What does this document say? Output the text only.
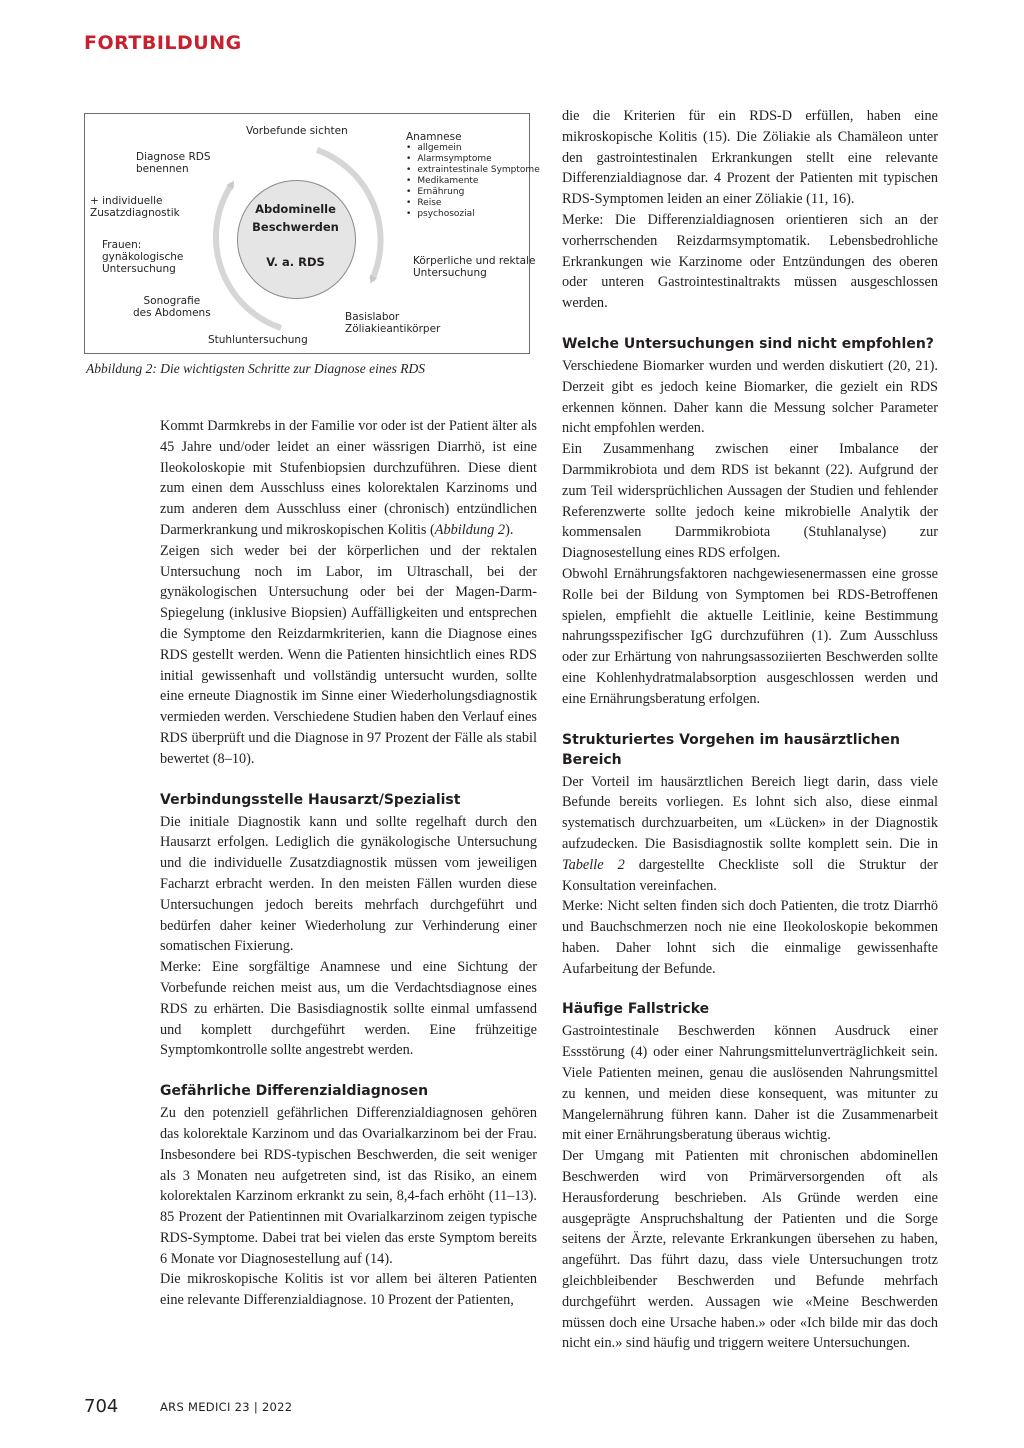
FORTBILDUNG
Abdominelle
Beschwerden
V. a. RDS
Vorbefunde sichten
Diagnose RDS
benennen
+ individuelle
Zusatzdiagnostik
Frauen:
gynäkologische
Untersuchung
Sonografie
des Abdomens
Stuhluntersuchung
Basislabor
Zöliakieantikörper
Körperliche und rektale
Untersuchung
Anamnese
• allgemein
• Alarmsymptome
• extraintestinale Symptome
• Medikamente
• Ernährung
• Reise
• psychosozial

Abbildung 2: Die wichtigsten Schritte zur Diagnose eines RDS

Kommt Darmkrebs in der Familie vor oder ist der Patient älter als 45 Jahre und/oder leidet an einer wässrigen Diarrhö, ist eine Ileokoloskopie mit Stufenbiopsien durchzuführen. Diese dient zum einen dem Ausschluss eines kolorektalen Karzinoms und zum anderen dem Ausschluss einer (chronisch) entzündlichen Darmerkrankung und mikroskopischen Kolitis (Abbildung 2).

Zeigen sich weder bei der körperlichen und der rektalen Untersuchung noch im Labor, im Ultraschall, bei der gynäkologischen Untersuchung oder bei der Magen-Darm-Spiegelung (inklusive Biopsien) Auffälligkeiten und entsprechen die Symptome den Reizdarmkriterien, kann die Diagnose eines RDS gestellt werden. Wenn die Patienten hinsichtlich eines RDS initial gewissenhaft und vollständig untersucht wurden, sollte eine erneute Diagnostik im Sinne einer Wiederholungsdiagnostik vermieden werden. Verschiedene Studien haben den Verlauf eines RDS überprüft und die Diagnose in 97 Prozent der Fälle als stabil bewertet (8–10).

Verbindungsstelle Hausarzt/Spezialist

Die initiale Diagnostik kann und sollte regelhaft durch den Hausarzt erfolgen. Lediglich die gynäkologische Untersuchung und die individuelle Zusatzdiagnostik müssen vom jeweiligen Facharzt erbracht werden. In den meisten Fällen wurden diese Untersuchungen jedoch bereits mehrfach durchgeführt und bedürfen daher keiner Wiederholung zur Verhinderung einer somatischen Fixierung.

Merke: Eine sorgfältige Anamnese und eine Sichtung der Vorbefunde reichen meist aus, um die Verdachtsdiagnose eines RDS zu erhärten. Die Basisdiagnostik sollte einmal umfassend und komplett durchgeführt werden. Eine frühzeitige Symptomkontrolle sollte angestrebt werden.

Gefährliche Differenzialdiagnosen

Zu den potenziell gefährlichen Differenzialdiagnosen gehören das kolorektale Karzinom und das Ovarialkarzinom bei der Frau. Insbesondere bei RDS-typischen Beschwerden, die seit weniger als 3 Monaten neu aufgetreten sind, ist das Risiko, an einem kolorektalen Karzinom erkrankt zu sein, 8,4-fach erhöht (11–13). 85 Prozent der Patientinnen mit Ovarialkarzinom zeigen typische RDS-Symptome. Dabei trat bei vielen das erste Symptom bereits 6 Monate vor Diagnosestellung auf (14).

Die mikroskopische Kolitis ist vor allem bei älteren Patienten eine relevante Differenzialdiagnose. 10 Prozent der Patienten,

die die Kriterien für ein RDS-D erfüllen, haben eine mikroskopische Kolitis (15). Die Zöliakie als Chamäleon unter den gastrointestinalen Erkrankungen stellt eine relevante Differenzialdiagnose dar. 4 Prozent der Patienten mit typischen RDS-Symptomen leiden an einer Zöliakie (11, 16).

Merke: Die Differenzialdiagnosen orientieren sich an der vorherrschenden Reizdarmsymptomatik. Lebensbedrohliche Erkrankungen wie Karzinome oder Entzündungen des oberen oder unteren Gastrointestinaltrakts müssen ausgeschlossen werden.

Welche Untersuchungen sind nicht empfohlen?

Verschiedene Biomarker wurden und werden diskutiert (20, 21). Derzeit gibt es jedoch keine Biomarker, die gezielt ein RDS erkennen können. Daher kann die Messung solcher Parameter nicht empfohlen werden.

Ein Zusammenhang zwischen einer Imbalance der Darmmikrobiota und dem RDS ist bekannt (22). Aufgrund der zum Teil widersprüchlichen Aussagen der Studien und fehlender Referenzwerte sollte jedoch keine mikrobielle Analytik der kommensalen Darmmikrobiota (Stuhlanalyse) zur Diagnosestellung eines RDS erfolgen.

Obwohl Ernährungsfaktoren nachgewiesenermassen eine grosse Rolle bei der Bildung von Symptomen bei RDS-Betroffenen spielen, empfiehlt die aktuelle Leitlinie, keine Bestimmung nahrungsspezifischer IgG durchzuführen (1). Zum Ausschluss oder zur Erhärtung von nahrungsassoziierten Beschwerden sollte eine Kohlenhydratmalabsorption ausgeschlossen werden und eine Ernährungsberatung erfolgen.

Strukturiertes Vorgehen im hausärztlichen Bereich

Der Vorteil im hausärztlichen Bereich liegt darin, dass viele Befunde bereits vorliegen. Es lohnt sich also, diese einmal systematisch durchzuarbeiten, um «Lücken» in der Diagnostik aufzudecken. Die Basisdiagnostik sollte komplett sein. Die in Tabelle 2 dargestellte Checkliste soll die Struktur der Konsultation vereinfachen.

Merke: Nicht selten finden sich doch Patienten, die trotz Diarrhö und Bauchschmerzen noch nie eine Ileokoloskopie bekommen haben. Daher lohnt sich die einmalige gewissenhafte Aufarbeitung der Befunde.

Häufige Fallstricke

Gastrointestinale Beschwerden können Ausdruck einer Essstörung (4) oder einer Nahrungsmittelunverträglichkeit sein. Viele Patienten meinen, genau die auslösenden Nahrungsmittel zu kennen, und meiden diese konsequent, was mitunter zu Mangelernährung führen kann. Daher ist die Zusammenarbeit mit einer Ernährungsberatung überaus wichtig.

Der Umgang mit Patienten mit chronischen abdominellen Beschwerden wird von Primärversorgenden oft als Herausforderung beschrieben. Als Gründe werden eine ausgeprägte Anspruchshaltung der Patienten und die Sorge seitens der Ärzte, relevante Erkrankungen übersehen zu haben, angeführt. Das führt dazu, dass viele Untersuchungen trotz gleichbleibender Beschwerden und Befunde mehrfach durchgeführt werden. Aussagen wie «Meine Beschwerden müssen doch eine Ursache haben.» oder «Ich bilde mir das doch nicht ein.» sind häufig und triggern weitere Untersuchungen.

704	ARS MEDICI 23 | 2022
